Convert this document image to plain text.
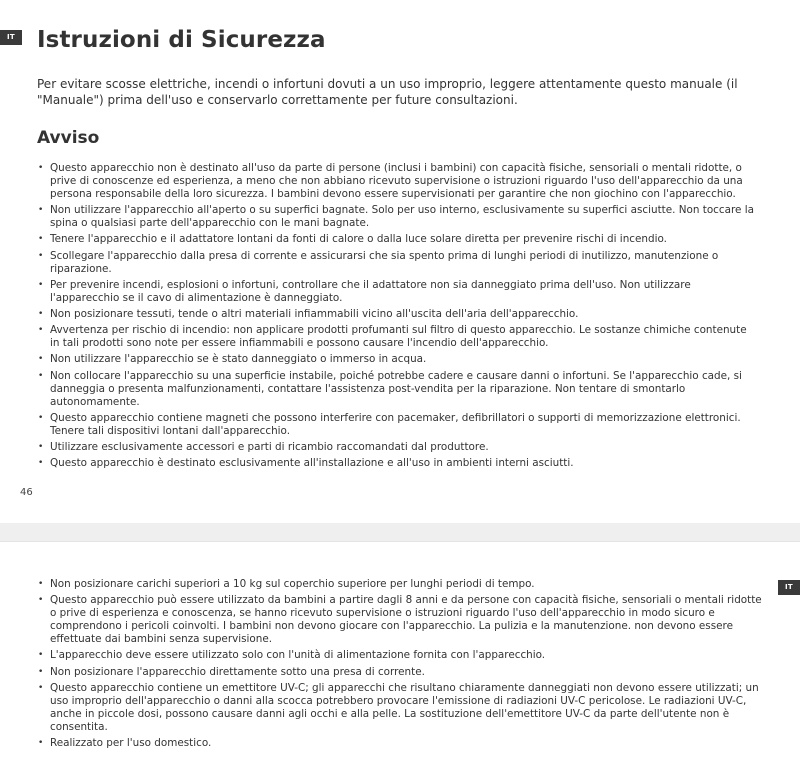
IT Istruzioni di Sicurezza

Per evitare scosse elettriche, incendi o infortuni dovuti a un uso improprio, leggere attentamente questo manuale (il "Manuale") prima dell'uso e conservarlo correttamente per future consultazioni.

Avviso
• Questo apparecchio non è destinato all'uso da parte di persone (inclusi i bambini) con capacità fisiche, sensoriali o mentali ridotte, o prive di conoscenze ed esperienza, a meno che non abbiano ricevuto supervisione o istruzioni riguardo l'uso dell'apparecchio da una persona responsabile della loro sicurezza. I bambini devono essere supervisionati per garantire che non giochino con l'apparecchio.
• Non utilizzare l'apparecchio all'aperto o su superfici bagnate. Solo per uso interno, esclusivamente su superfici asciutte. Non toccare la spina o qualsiasi parte dell'apparecchio con le mani bagnate.
• Tenere l'apparecchio e il adattatore lontani da fonti di calore o dalla luce solare diretta per prevenire rischi di incendio.
• Scollegare l'apparecchio dalla presa di corrente e assicurarsi che sia spento prima di lunghi periodi di inutilizzo, manutenzione o riparazione.
• Per prevenire incendi, esplosioni o infortuni, controllare che il adattatore non sia danneggiato prima dell'uso. Non utilizzare l'apparecchio se il cavo di alimentazione è danneggiato.
• Non posizionare tessuti, tende o altri materiali infiammabili vicino all'uscita dell'aria dell'apparecchio.
• Avvertenza per rischio di incendio: non applicare prodotti profumanti sul filtro di questo apparecchio. Le sostanze chimiche contenute in tali prodotti sono note per essere infiammabili e possono causare l'incendio dell'apparecchio.
• Non utilizzare l'apparecchio se è stato danneggiato o immerso in acqua.
• Non collocare l'apparecchio su una superficie instabile, poiché potrebbe cadere e causare danni o infortuni. Se l'apparecchio cade, si danneggia o presenta malfunzionamenti, contattare l'assistenza post-vendita per la riparazione. Non tentare di smontarlo autonomamente.
• Questo apparecchio contiene magneti che possono interferire con pacemaker, defibrillatori o supporti di memorizzazione elettronici. Tenere tali dispositivi lontani dall'apparecchio.
• Utilizzare esclusivamente accessori e parti di ricambio raccomandati dal produttore.
• Questo apparecchio è destinato esclusivamente all'installazione e all'uso in ambienti interni asciutti.
46
IT
• Non posizionare carichi superiori a 10 kg sul coperchio superiore per lunghi periodi di tempo.
• Questo apparecchio può essere utilizzato da bambini a partire dagli 8 anni e da persone con capacità fisiche, sensoriali o mentali ridotte o prive di esperienza e conoscenza, se hanno ricevuto supervisione o istruzioni riguardo l'uso dell'apparecchio in modo sicuro e comprendono i pericoli coinvolti. I bambini non devono giocare con l'apparecchio. La pulizia e la manutenzione. non devono essere effettuate dai bambini senza supervisione.
• L'apparecchio deve essere utilizzato solo con l'unità di alimentazione fornita con l'apparecchio.
• Non posizionare l'apparecchio direttamente sotto una presa di corrente.
• Questo apparecchio contiene un emettitore UV-C; gli apparecchi che risultano chiaramente danneggiati non devono essere utilizzati; un uso improprio dell'apparecchio o danni alla scocca potrebbero provocare l'emissione di radiazioni UV-C pericolose. Le radiazioni UV-C, anche in piccole dosi, possono causare danni agli occhi e alla pelle. La sostituzione dell'emettitore UV-C da parte dell'utente non è consentita.
• Realizzato per l'uso domestico.
